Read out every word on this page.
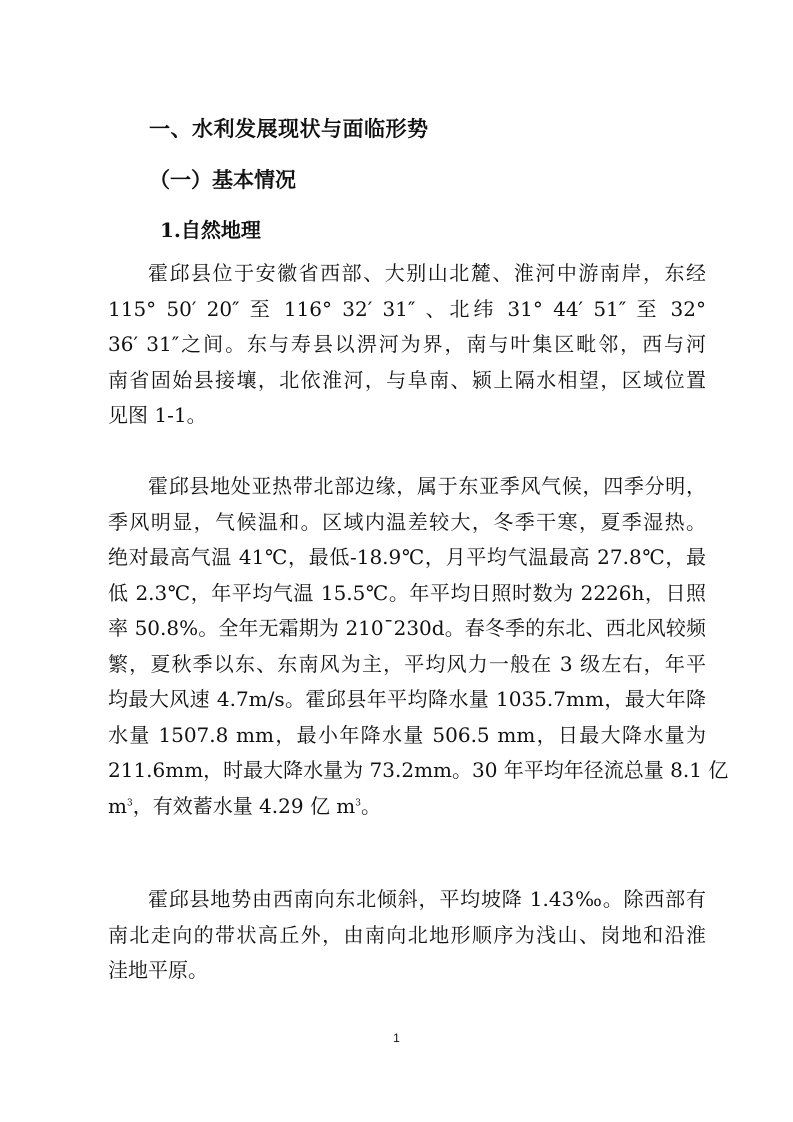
一、水利发展现状与面临形势
（一）基本情况
1.自然地理

霍邱县位于安徽省西部、大别山北麓、淮河中游南岸，东经
115° 50′ 20″ 至 116° 32′ 31″ 、北纬 31° 44′ 51″ 至 32°
36′ 31″之间。东与寿县以淠河为界，南与叶集区毗邻，西与河
南省固始县接壤，北依淮河，与阜南、颍上隔水相望，区域位置
见图 1-1。

霍邱县地处亚热带北部边缘，属于东亚季风气候，四季分明，
季风明显，气候温和。区域内温差较大，冬季干寒，夏季湿热。
绝对最高气温 41℃，最低-18.9℃，月平均气温最高 27.8℃，最
低 2.3℃，年平均气温 15.5℃。年平均日照时数为 2226h，日照
率 50.8%。全年无霜期为 210¯230d。春冬季的东北、西北风较频
繁，夏秋季以东、东南风为主，平均风力一般在 3 级左右，年平
均最大风速 4.7m/s。霍邱县年平均降水量 1035.7mm，最大年降
水量 1507.8 mm，最小年降水量 506.5 mm，日最大降水量为
211.6mm，时最大降水量为 73.2mm。30 年平均年径流总量 8.1 亿
$m^3$，有效蓄水量 4.29 亿 $m^3$。

霍邱县地势由西南向东北倾斜，平均坡降 1.43‰。除西部有
南北走向的带状高丘外，由南向北地形顺序为浅山、岗地和沿淮
洼地平原。

1
